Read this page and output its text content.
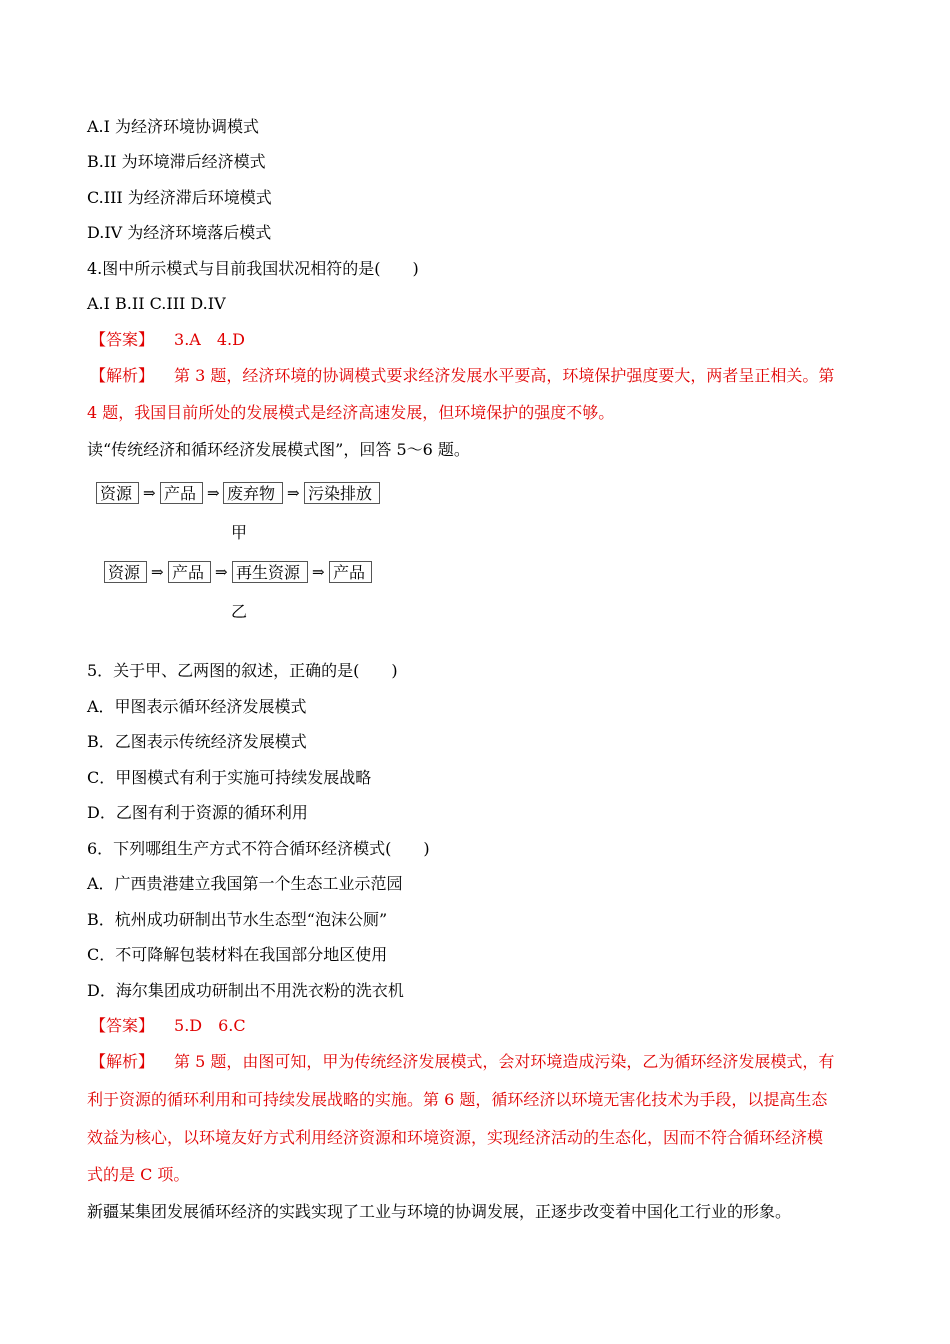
A.I 为经济环境协调模式
B.II 为环境滞后经济模式
C.III 为经济滞后环境模式
D.IV 为经济环境落后模式
4.图中所示模式与目前我国状况相符的是(　　)
A.I B.II C.III D.IV
【答案】 3.A　4.D
【解析】 第 3 题，经济环境的协调模式要求经济发展水平要高，环境保护强度要大，两者呈正相关。第
4 题，我国目前所处的发展模式是经济高速发展，但环境保护的强度不够。
读“传统经济和循环经济发展模式图”，回答 5～6 题。
资源 ⇒ 产品 ⇒ 废弃物 ⇒ 污染排放
甲
资源 ⇒ 产品 ⇒ 再生资源 ⇒ 产品
乙
5．关于甲、乙两图的叙述，正确的是(　　)
A．甲图表示循环经济发展模式
B．乙图表示传统经济发展模式
C．甲图模式有利于实施可持续发展战略
D．乙图有利于资源的循环利用
6．下列哪组生产方式不符合循环经济模式(　　)
A．广西贵港建立我国第一个生态工业示范园
B．杭州成功研制出节水生态型“泡沫公厕”
C．不可降解包装材料在我国部分地区使用
D．海尔集团成功研制出不用洗衣粉的洗衣机
【答案】 5.D　6.C
【解析】 第 5 题，由图可知，甲为传统经济发展模式，会对环境造成污染，乙为循环经济发展模式，有
利于资源的循环利用和可持续发展战略的实施。第 6 题，循环经济以环境无害化技术为手段，以提高生态
效益为核心，以环境友好方式利用经济资源和环境资源，实现经济活动的生态化，因而不符合循环经济模
式的是 C 项。
新疆某集团发展循环经济的实践实现了工业与环境的协调发展，正逐步改变着中国化工行业的形象。
